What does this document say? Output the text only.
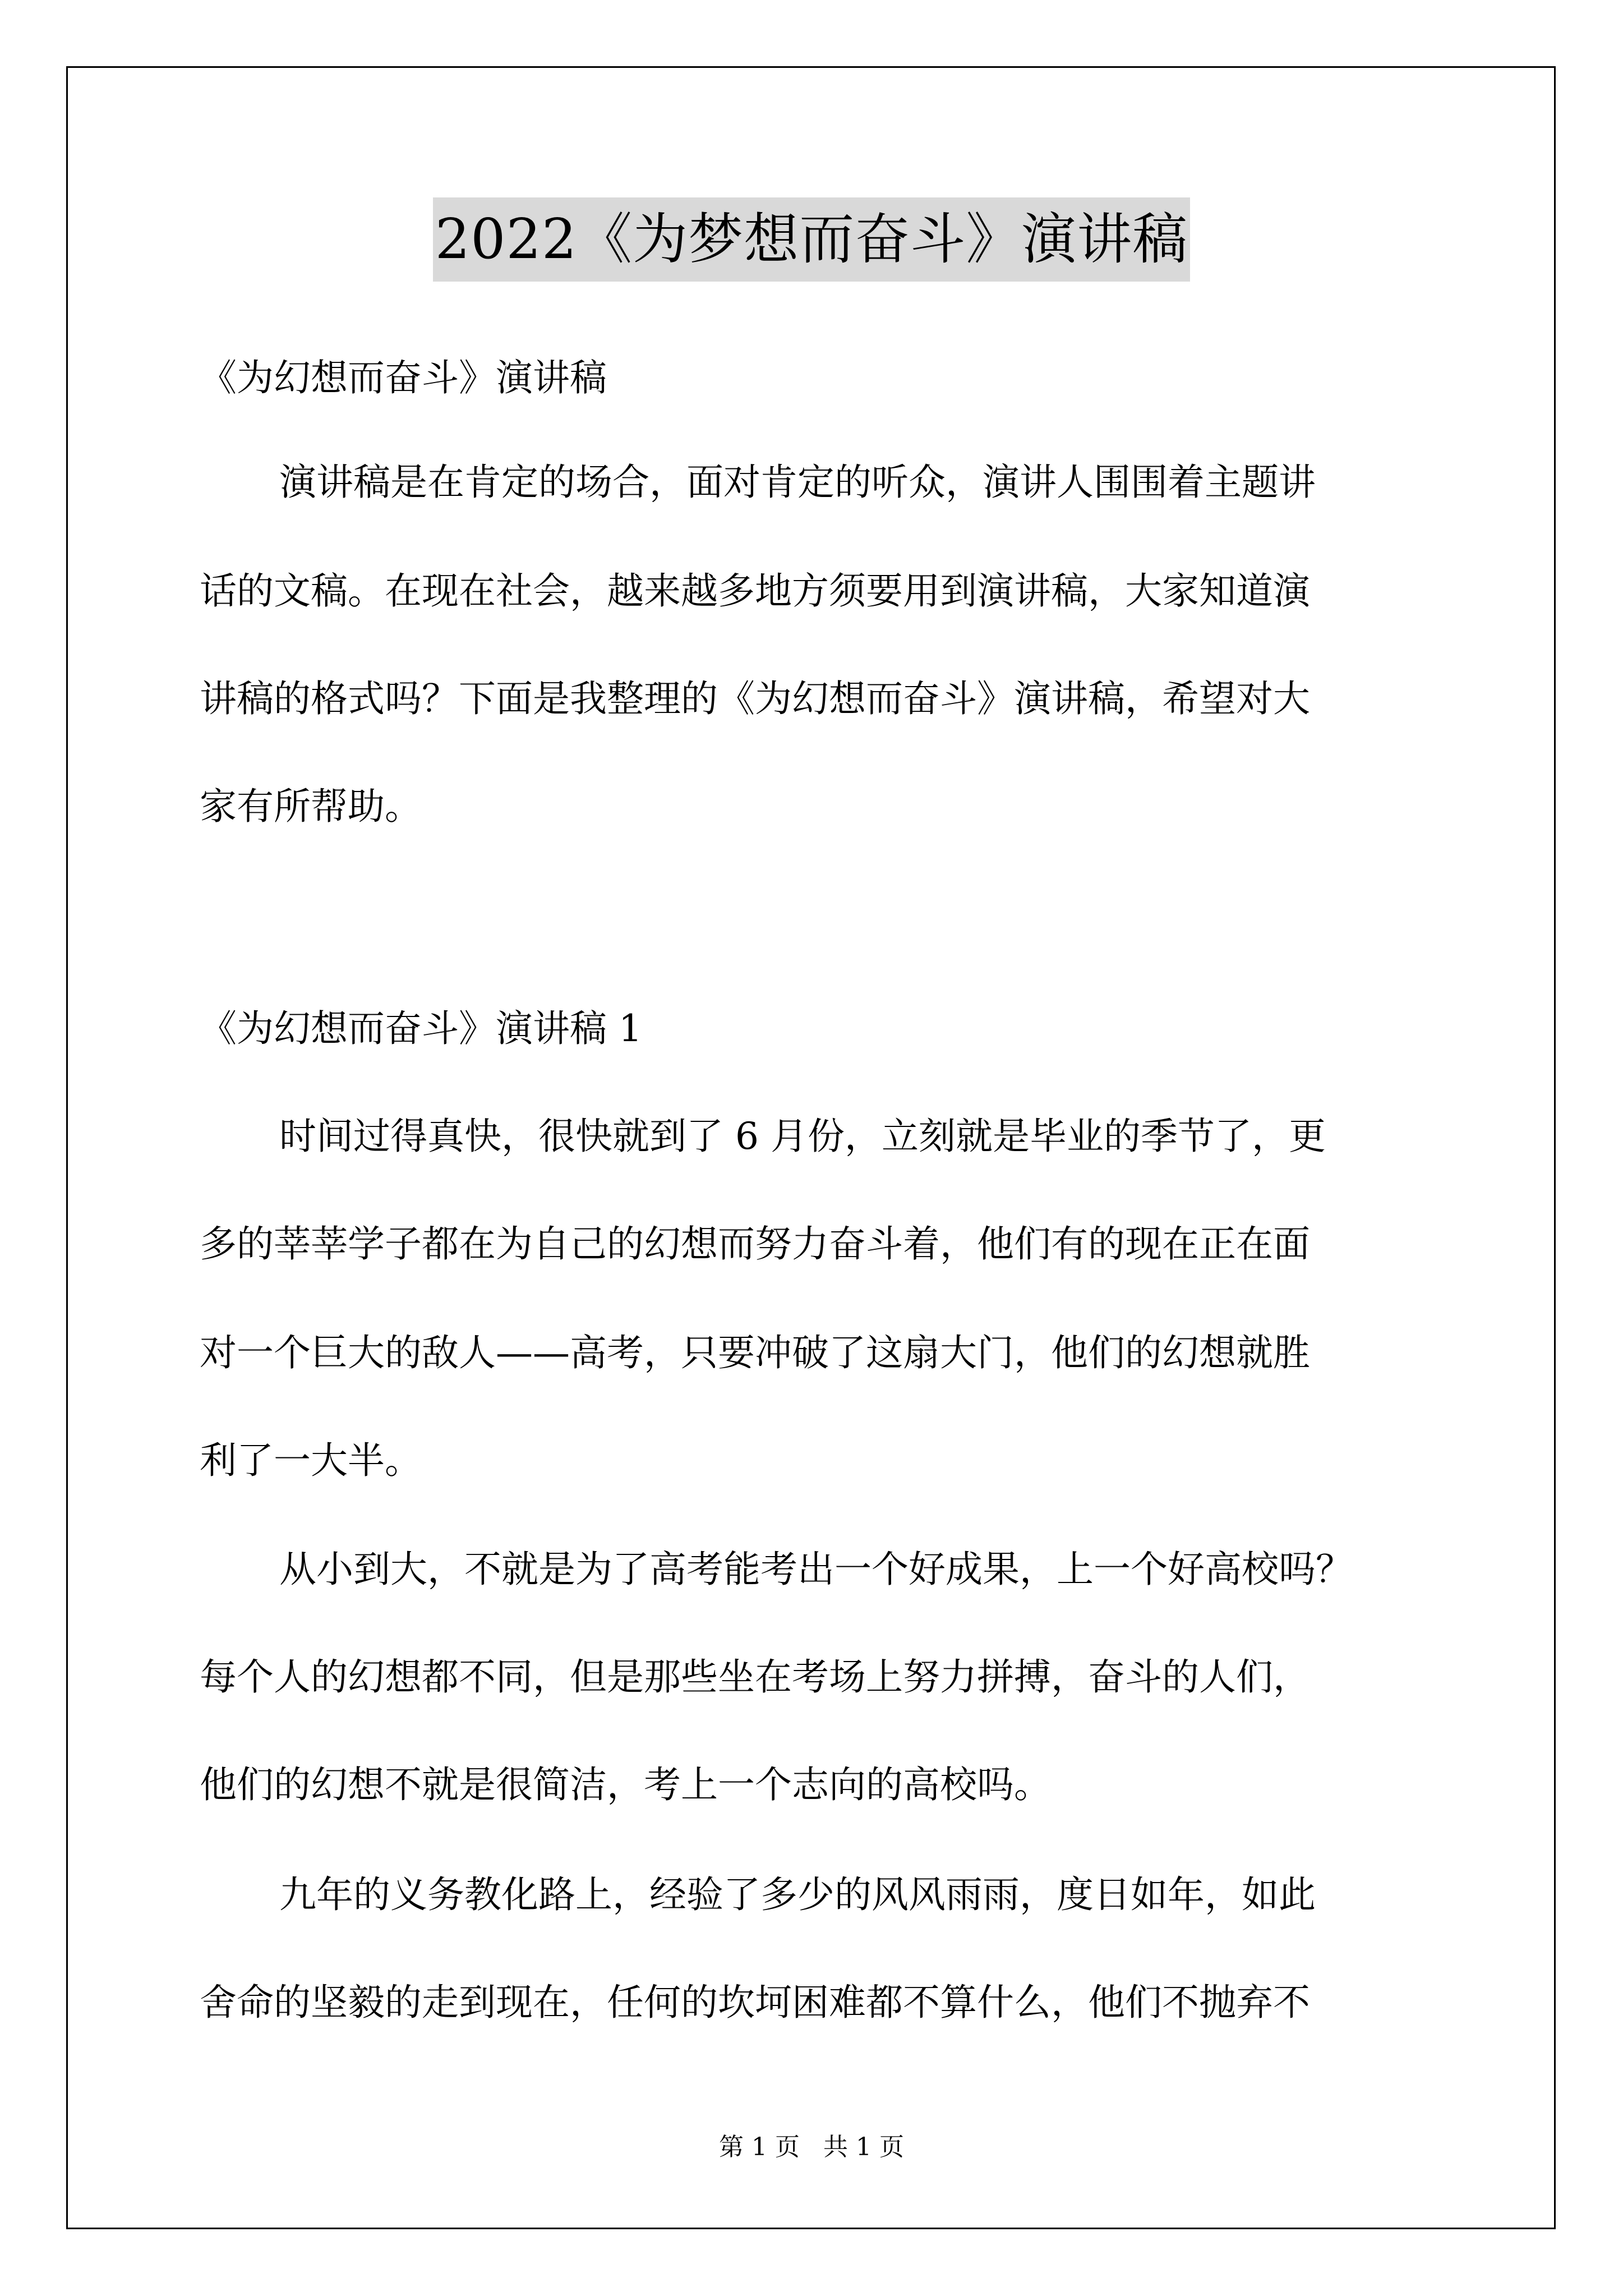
2022《为梦想而奋斗》演讲稿
《为幻想而奋斗》演讲稿
演讲稿是在肯定的场合，面对肯定的听众，演讲人围围着主题讲
话的文稿。在现在社会，越来越多地方须要用到演讲稿，大家知道演
讲稿的格式吗？下面是我整理的《为幻想而奋斗》演讲稿，希望对大
家有所帮助。
《为幻想而奋斗》演讲稿 1
时间过得真快，很快就到了 6 月份，立刻就是毕业的季节了，更
多的莘莘学子都在为自己的幻想而努力奋斗着，他们有的现在正在面
对一个巨大的敌人——高考，只要冲破了这扇大门，他们的幻想就胜
利了一大半。
从小到大，不就是为了高考能考出一个好成果，上一个好高校吗？
每个人的幻想都不同，但是那些坐在考场上努力拼搏，奋斗的人们，
他们的幻想不就是很简洁，考上一个志向的高校吗。
九年的义务教化路上，经验了多少的风风雨雨，度日如年，如此
舍命的坚毅的走到现在，任何的坎坷困难都不算什么，他们不抛弃不
第 1 页   共 1 页
